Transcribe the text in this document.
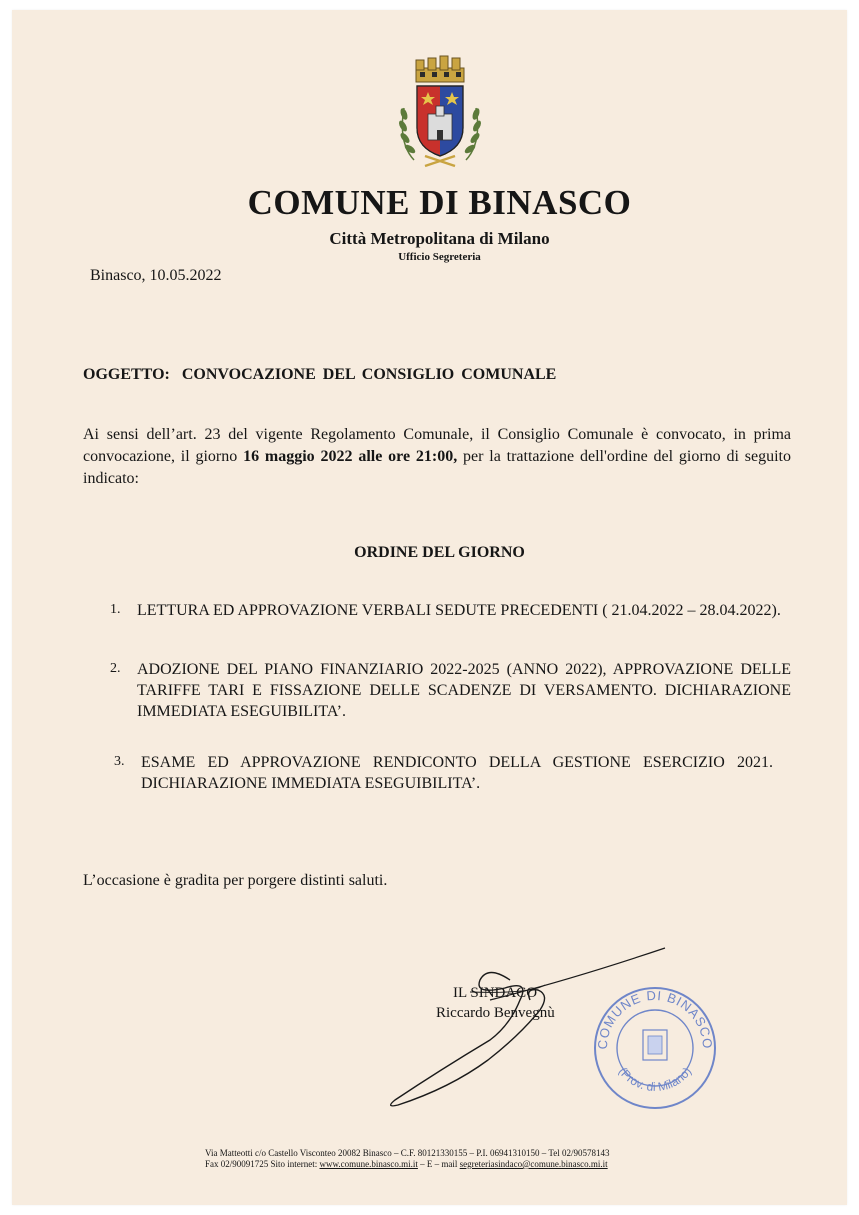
COMUNE DI BINASCO
Città Metropolitana di Milano
Ufficio Segreteria
Binasco, 10.05.2022
OGGETTO: CONVOCAZIONE DEL CONSIGLIO COMUNALE
Ai sensi dell’art. 23 del vigente Regolamento Comunale, il Consiglio Comunale è convocato, in prima convocazione, il giorno 16 maggio 2022 alle ore 21:00, per la trattazione dell'ordine del giorno di seguito indicato:
ORDINE DEL GIORNO
1. LETTURA ED APPROVAZIONE VERBALI SEDUTE PRECEDENTI ( 21.04.2022 – 28.04.2022).
2. ADOZIONE DEL PIANO FINANZIARIO 2022-2025 (ANNO 2022), APPROVAZIONE DELLE TARIFFE TARI E FISSAZIONE DELLE SCADENZE DI VERSAMENTO. DICHIARAZIONE IMMEDIATA ESEGUIBILITA’.
3. ESAME ED APPROVAZIONE RENDICONTO DELLA GESTIONE ESERCIZIO 2021. DICHIARAZIONE IMMEDIATA ESEGUIBILITA’.
L’occasione è gradita per porgere distinti saluti.
IL SINDACO
Riccardo Benvegnù
COMUNE DI BINASCO
(Prov. di Milano)
Via Matteotti c/o Castello Visconteo 20082 Binasco – C.F. 80121330155 – P.I. 06941310150 – Tel 02/90578143
Fax 02/90091725 Sito internet: www.comune.binasco.mi.it – E – mail segreteriasindaco@comune.binasco.mi.it
